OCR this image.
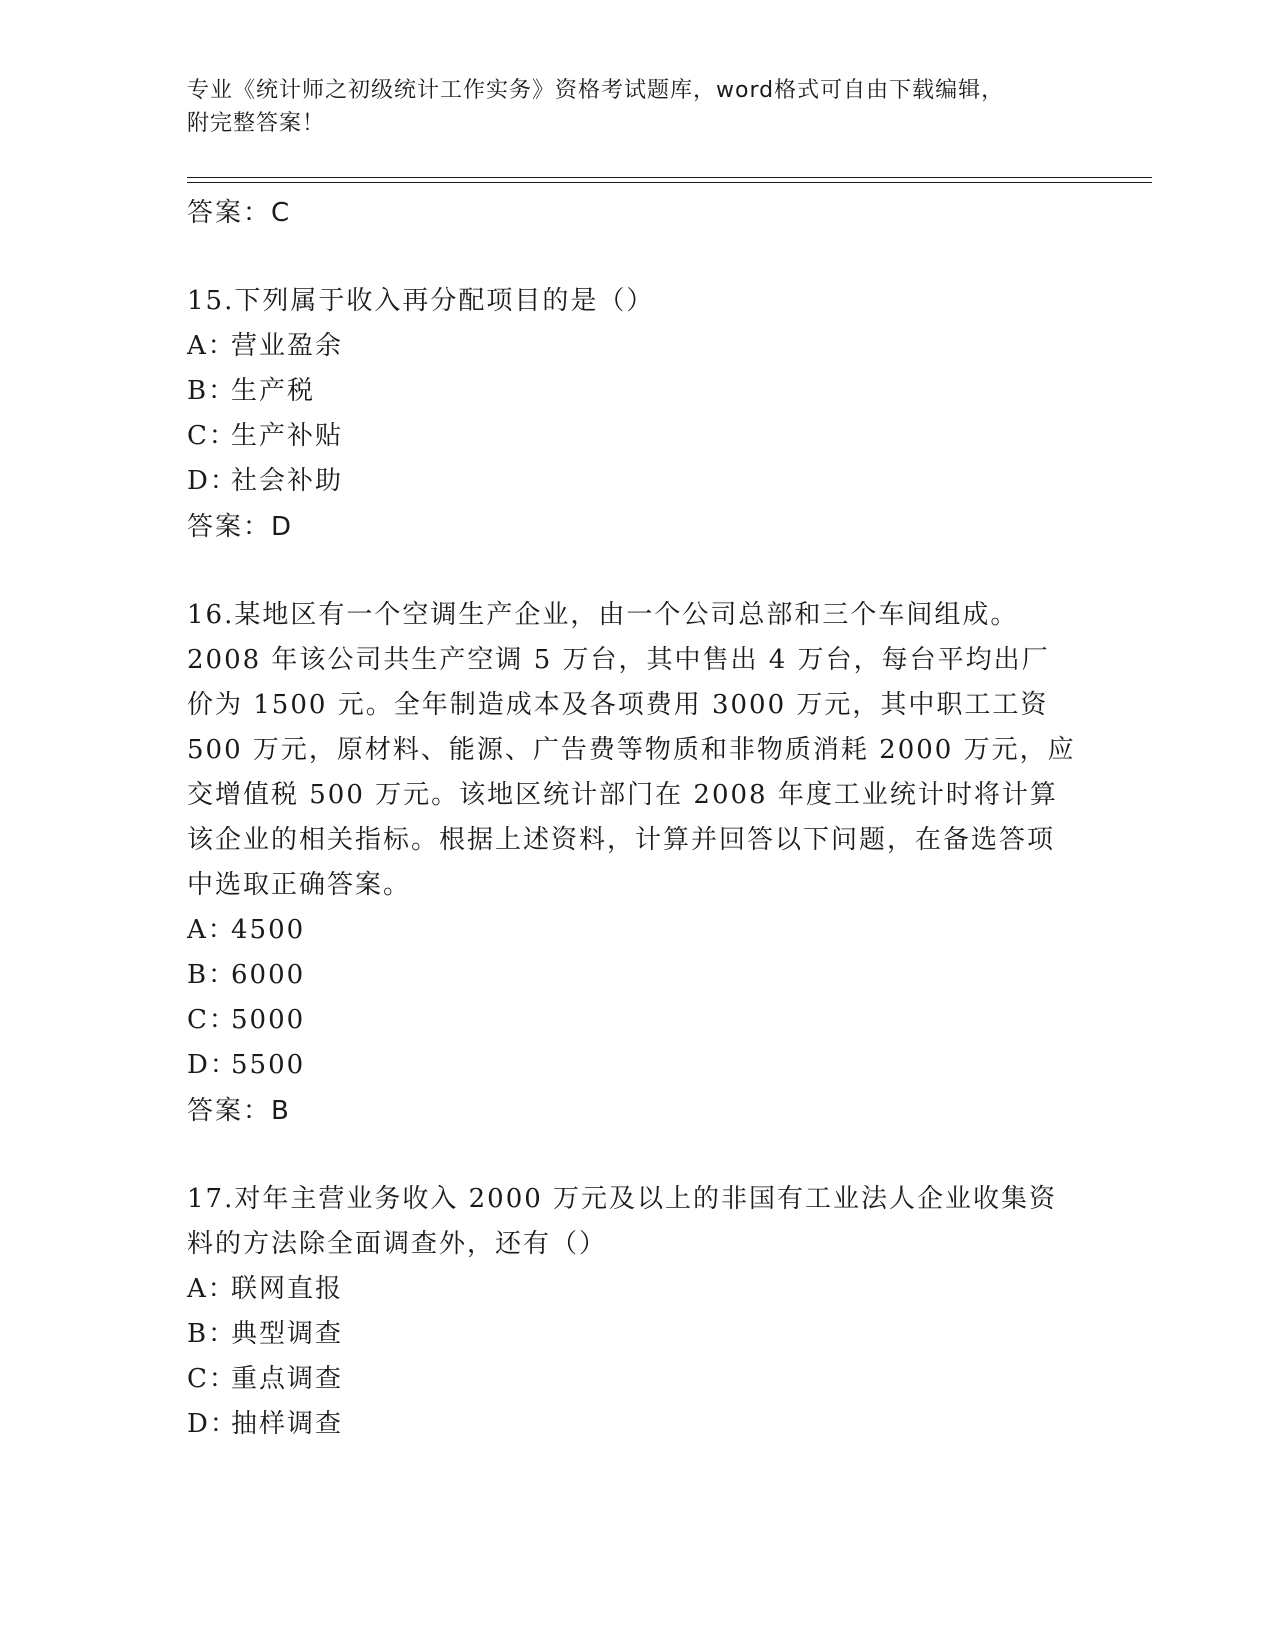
专业《统计师之初级统计工作实务》资格考试题库，word格式可自由下载编辑，
附完整答案！
答案：C

15.下列属于收入再分配项目的是（）

A：营业盈余
B：生产税
C：生产补贴
D：社会补助
答案：D

16.某地区有一个空调生产企业，由一个公司总部和三个车间组成。2008 年该公司共生产空调 5 万台，其中售出 4 万台，每台平均出厂价为 1500 元。全年制造成本及各项费用 3000 万元，其中职工工资 500 万元，原材料、能源、广告费等物质和非物质消耗 2000 万元，应交增值税 500 万元。该地区统计部门在 2008 年度工业统计时将计算该企业的相关指标。根据上述资料，计算并回答以下问题，在备选答项中选取正确答案。

A：4500
B：6000
C：5000
D：5500
答案：B

17.对年主营业务收入 2000 万元及以上的非国有工业法人企业收集资料的方法除全面调查外，还有（）

A：联网直报
B：典型调查
C：重点调查
D：抽样调查
